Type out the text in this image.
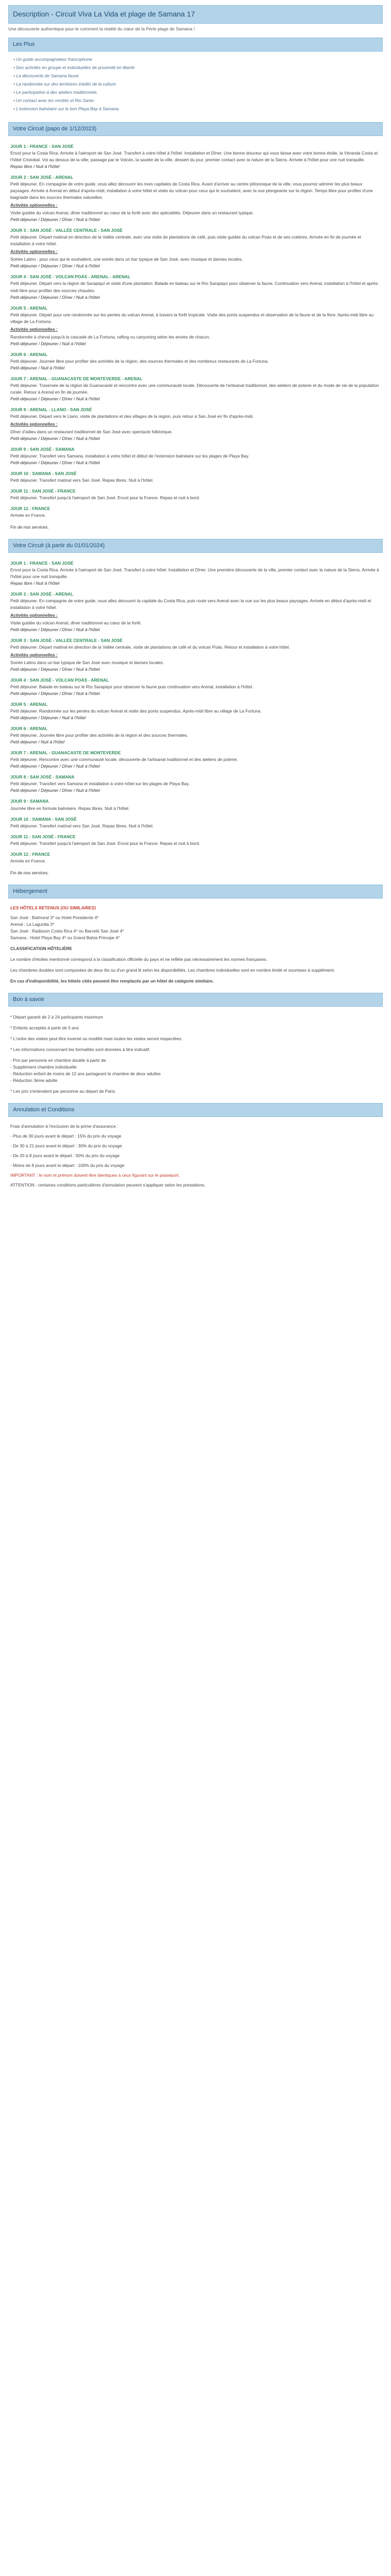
Description - Circuit Viva La Vida et plage de Samana 17
Une découverte authentique pour le comment la réalité du cœur de la Perle plage de Samana !
Les Plus
• Un guide accompagnateur francophone
• Des activités en groupe et individuelles de proximité en liberté
• La découverte de Samana fauve
• La randonnée sur des territoires inédits de la culture
• Le participation à des ateliers traditionnels
• Un contact avec les remblis et Rio Santo
• L'extension balnéaire sur le bon Playa Bay à Samana
Votre Circuit (papo de 1/12/2023)
JOUR 1 : FRANCE - SAN JOSÉ
Envol pour la Costa Rica. Arrivée à l'aéroport de San José. Transfert à votre hôtel à l'hôtel. Installation et Dîner. Une bonne douceur qui vous laisse avec votre bonne étoile, la Véranda Costa et l'hôtel Cristobal. Vol au dessus de la ville, passage par le Volcán, la sautée de la ville, dessert du jour, premier contact avec la nature de la Sierra. Arrivée à l'hôtel pour une nuit tranquille.
Repas libre / Nuit à l'hôtel
JOUR 2 : SAN JOSÉ - ARENAL
Petit déjeuner. En compagnie de votre guide, vous allez découvrir les rives capitales de Costa Rica. Avant d'arriver au centre pittoresque de la ville, vous pourrez admirer les plus beaux paysages. Arrivée à Arenal en début d'après-midi, installation à votre hôtel et visite du volcan pour ceux qui le souhaitent, avec la vue plongeante sur la région. Temps libre pour profiter d'une baignade dans les sources thermales naturelles.
Activités optionnelles :
Visite guidée du volcan Arenal, dîner traditionnel au cœur de la forêt avec des spécialités. Déjeuner dans un restaurant typique.
Petit-déjeuner / Déjeuner / Dîner / Nuit à l'hôtel
JOUR 3 : SAN JOSÉ - VALLÉE CENTRALE - SAN JOSÉ
Petit déjeuner. Départ matinal en direction de la Vallée centrale, avec une visite de plantations de café, puis visite guidée du volcan Poás et de ses cratères. Arrivée en fin de journée et installation à votre hôtel.
Activités optionnelles :
Soirée Latino : pour ceux qui le souhaitent, une soirée dans un bar typique de San José, avec musique et danses locales.
Petit-déjeuner / Déjeuner / Dîner / Nuit à l'hôtel
JOUR 4 : SAN JOSÉ - VOLCAN POÁS - ARENAL - ARENAL
Petit déjeuner. Départ vers la région de Sarapiquí et visite d'une plantation. Balade en bateau sur le Río Sarapiquí pour observer la faune. Continuation vers Arenal, installation à l'hôtel et après-midi libre pour profiter des sources chaudes.
Petit-déjeuner / Déjeuner / Dîner / Nuit à l'hôtel
JOUR 5 : ARENAL
Petit déjeuner. Départ pour une randonnée sur les pentes du volcan Arenal, à travers la forêt tropicale. Visite des ponts suspendus et observation de la faune et de la flore. Après-midi libre au village de La Fortuna.
Activités optionnelles :
Randonnée à cheval jusqu'à la cascade de La Fortuna, rafting ou canyoning selon les envies de chacun.
Petit-déjeuner / Déjeuner / Nuit à l'hôtel
JOUR 6 : ARENAL
Petit déjeuner. Journée libre pour profiter des activités de la région, des sources thermales et des nombreux restaurants de La Fortuna.
Petit-déjeuner / Nuit à l'hôtel
JOUR 7 : ARENAL - GUANACASTE DE MONTEVERDE - ARENAL
Petit déjeuner. Traversée de la région de Guanacaste et rencontre avec une communauté locale. Découverte de l'artisanat traditionnel, des ateliers de poterie et du mode de vie de la population rurale. Retour à Arenal en fin de journée.
Petit-déjeuner / Déjeuner / Dîner / Nuit à l'hôtel
JOUR 8 : ARENAL - LLANO - SAN JOSÉ
Petit déjeuner. Départ vers le Llano, visite de plantations et des villages de la région, puis retour à San José en fin d'après-midi.
Activités optionnelles :
Dîner d'adieu dans un restaurant traditionnel de San José avec spectacle folklorique.
Petit-déjeuner / Déjeuner / Dîner / Nuit à l'hôtel
JOUR 9 : SAN JOSÉ - SAMANA
Petit déjeuner. Transfert vers Samana, installation à votre hôtel et début de l'extension balnéaire sur les plages de Playa Bay.
Petit-déjeuner / Déjeuner / Dîner / Nuit à l'hôtel
JOUR 10 : SAMANA - SAN JOSÉ
Petit déjeuner. Transfert matinal vers San José. Repas libres. Nuit à l'hôtel.
JOUR 11 : SAN JOSÉ - FRANCE
Petit déjeuner. Transfert jusqu'à l'aéroport de San José. Envol pour la France. Repas et nuit à bord.
JOUR 12 : FRANCE
Arrivée en France.
Fin de nos services.
Votre Circuit (à partir du 01/01/2024)
JOUR 1 : FRANCE - SAN JOSÉ
Envol pour la Costa Rica. Arrivée à l'aéroport de San José. Transfert à votre hôtel. Installation et Dîner. Une première découverte de la ville, premier contact avec la nature de la Sierra. Arrivée à l'hôtel pour une nuit tranquille.
Repas libre / Nuit à l'hôtel
JOUR 2 : SAN JOSÉ - ARENAL
Petit déjeuner. En compagnie de votre guide, vous allez découvrir la capitale du Costa Rica, puis route vers Arenal avec la vue sur les plus beaux paysages. Arrivée en début d'après-midi et installation à votre hôtel.
Activités optionnelles :
Visite guidée du volcan Arenal, dîner traditionnel au cœur de la forêt.
Petit-déjeuner / Déjeuner / Dîner / Nuit à l'hôtel
JOUR 3 : SAN JOSÉ - VALLÉE CENTRALE - SAN JOSÉ
Petit déjeuner. Départ matinal en direction de la Vallée centrale, visite de plantations de café et du volcan Poás. Retour et installation à votre hôtel.
Activités optionnelles :
Soirée Latino dans un bar typique de San José avec musique et danses locales.
Petit-déjeuner / Déjeuner / Dîner / Nuit à l'hôtel
JOUR 4 : SAN JOSÉ - VOLCAN POÁS - ARENAL
Petit déjeuner. Balade en bateau sur le Río Sarapiquí pour observer la faune puis continuation vers Arenal, installation à l'hôtel.
Petit-déjeuner / Déjeuner / Dîner / Nuit à l'hôtel
JOUR 5 : ARENAL
Petit déjeuner. Randonnée sur les pentes du volcan Arenal et visite des ponts suspendus. Après-midi libre au village de La Fortuna.
Petit-déjeuner / Déjeuner / Nuit à l'hôtel
JOUR 6 : ARENAL
Petit déjeuner. Journée libre pour profiter des activités de la région et des sources thermales.
Petit-déjeuner / Nuit à l'hôtel
JOUR 7 : ARENAL - GUANACASTE DE MONTEVERDE
Petit déjeuner. Rencontre avec une communauté locale, découverte de l'artisanat traditionnel et des ateliers de poterie.
Petit-déjeuner / Déjeuner / Dîner / Nuit à l'hôtel
JOUR 8 : SAN JOSÉ - SAMANA
Petit déjeuner. Transfert vers Samana et installation à votre hôtel sur les plages de Playa Bay.
Petit-déjeuner / Déjeuner / Dîner / Nuit à l'hôtel
JOUR 9 : SAMANA
Journée libre en formule balnéaire. Repas libres. Nuit à l'hôtel.
JOUR 10 : SAMANA - SAN JOSÉ
Petit déjeuner. Transfert matinal vers San José. Repas libres. Nuit à l'hôtel.
JOUR 11 : SAN JOSÉ - FRANCE
Petit déjeuner. Transfert jusqu'à l'aéroport de San José. Envol pour la France. Repas et nuit à bord.
JOUR 12 : FRANCE
Arrivée en France.
Fin de nos services.
Hébergement
LES HÔTELS RETENUS (OU SIMILAIRES)
San José : Balmoral 3* ou Hotel Presidente 4*
Arenal : La Lagunita 3*
San José : Radisson Costa Rica 4* ou Barceló San José 4*
Samana : Hotel Playa Bay 4* ou Grand Bahia Principe 4*
CLASSIFICATION HÔTELIÈRE
Le nombre d'étoiles mentionné correspond à la classification officielle du pays et ne reflète pas nécessairement les normes françaises.
Les chambres doubles sont composées de deux lits ou d'un grand lit selon les disponibilités. Les chambres individuelles sont en nombre limité et soumises à supplément.
En cas d'indisponibilité, les hôtels cités peuvent être remplacés par un hôtel de catégorie similaire.
Bon à savoir
* Départ garanti de 2 à 24 participants maximum
* Enfants acceptés à partir de 5 ans
* L'ordre des visites peut être inversé ou modifié mais toutes les visites seront respectées.
* Les informations concernant les formalités sont données à titre indicatif.
- Prix par personne en chambre double à partir de
- Supplément chambre individuelle
- Réduction enfant de moins de 12 ans partageant la chambre de deux adultes
- Réduction 3ème adulte
* Les prix s'entendent par personne au départ de Paris.
Annulation et Conditions
Frais d'annulation à l'exclusion de la prime d'assurance :
- Plus de 30 jours avant le départ : 15% du prix du voyage
- De 30 à 21 jours avant le départ : 30% du prix du voyage
- De 20 à 8 jours avant le départ : 50% du prix du voyage
- Moins de 8 jours avant le départ : 100% du prix du voyage
IMPORTANT : le nom et prénom doivent être identiques à ceux figurant sur le passeport.
ATTENTION : certaines conditions particulières d'annulation peuvent s'appliquer selon les prestations.
